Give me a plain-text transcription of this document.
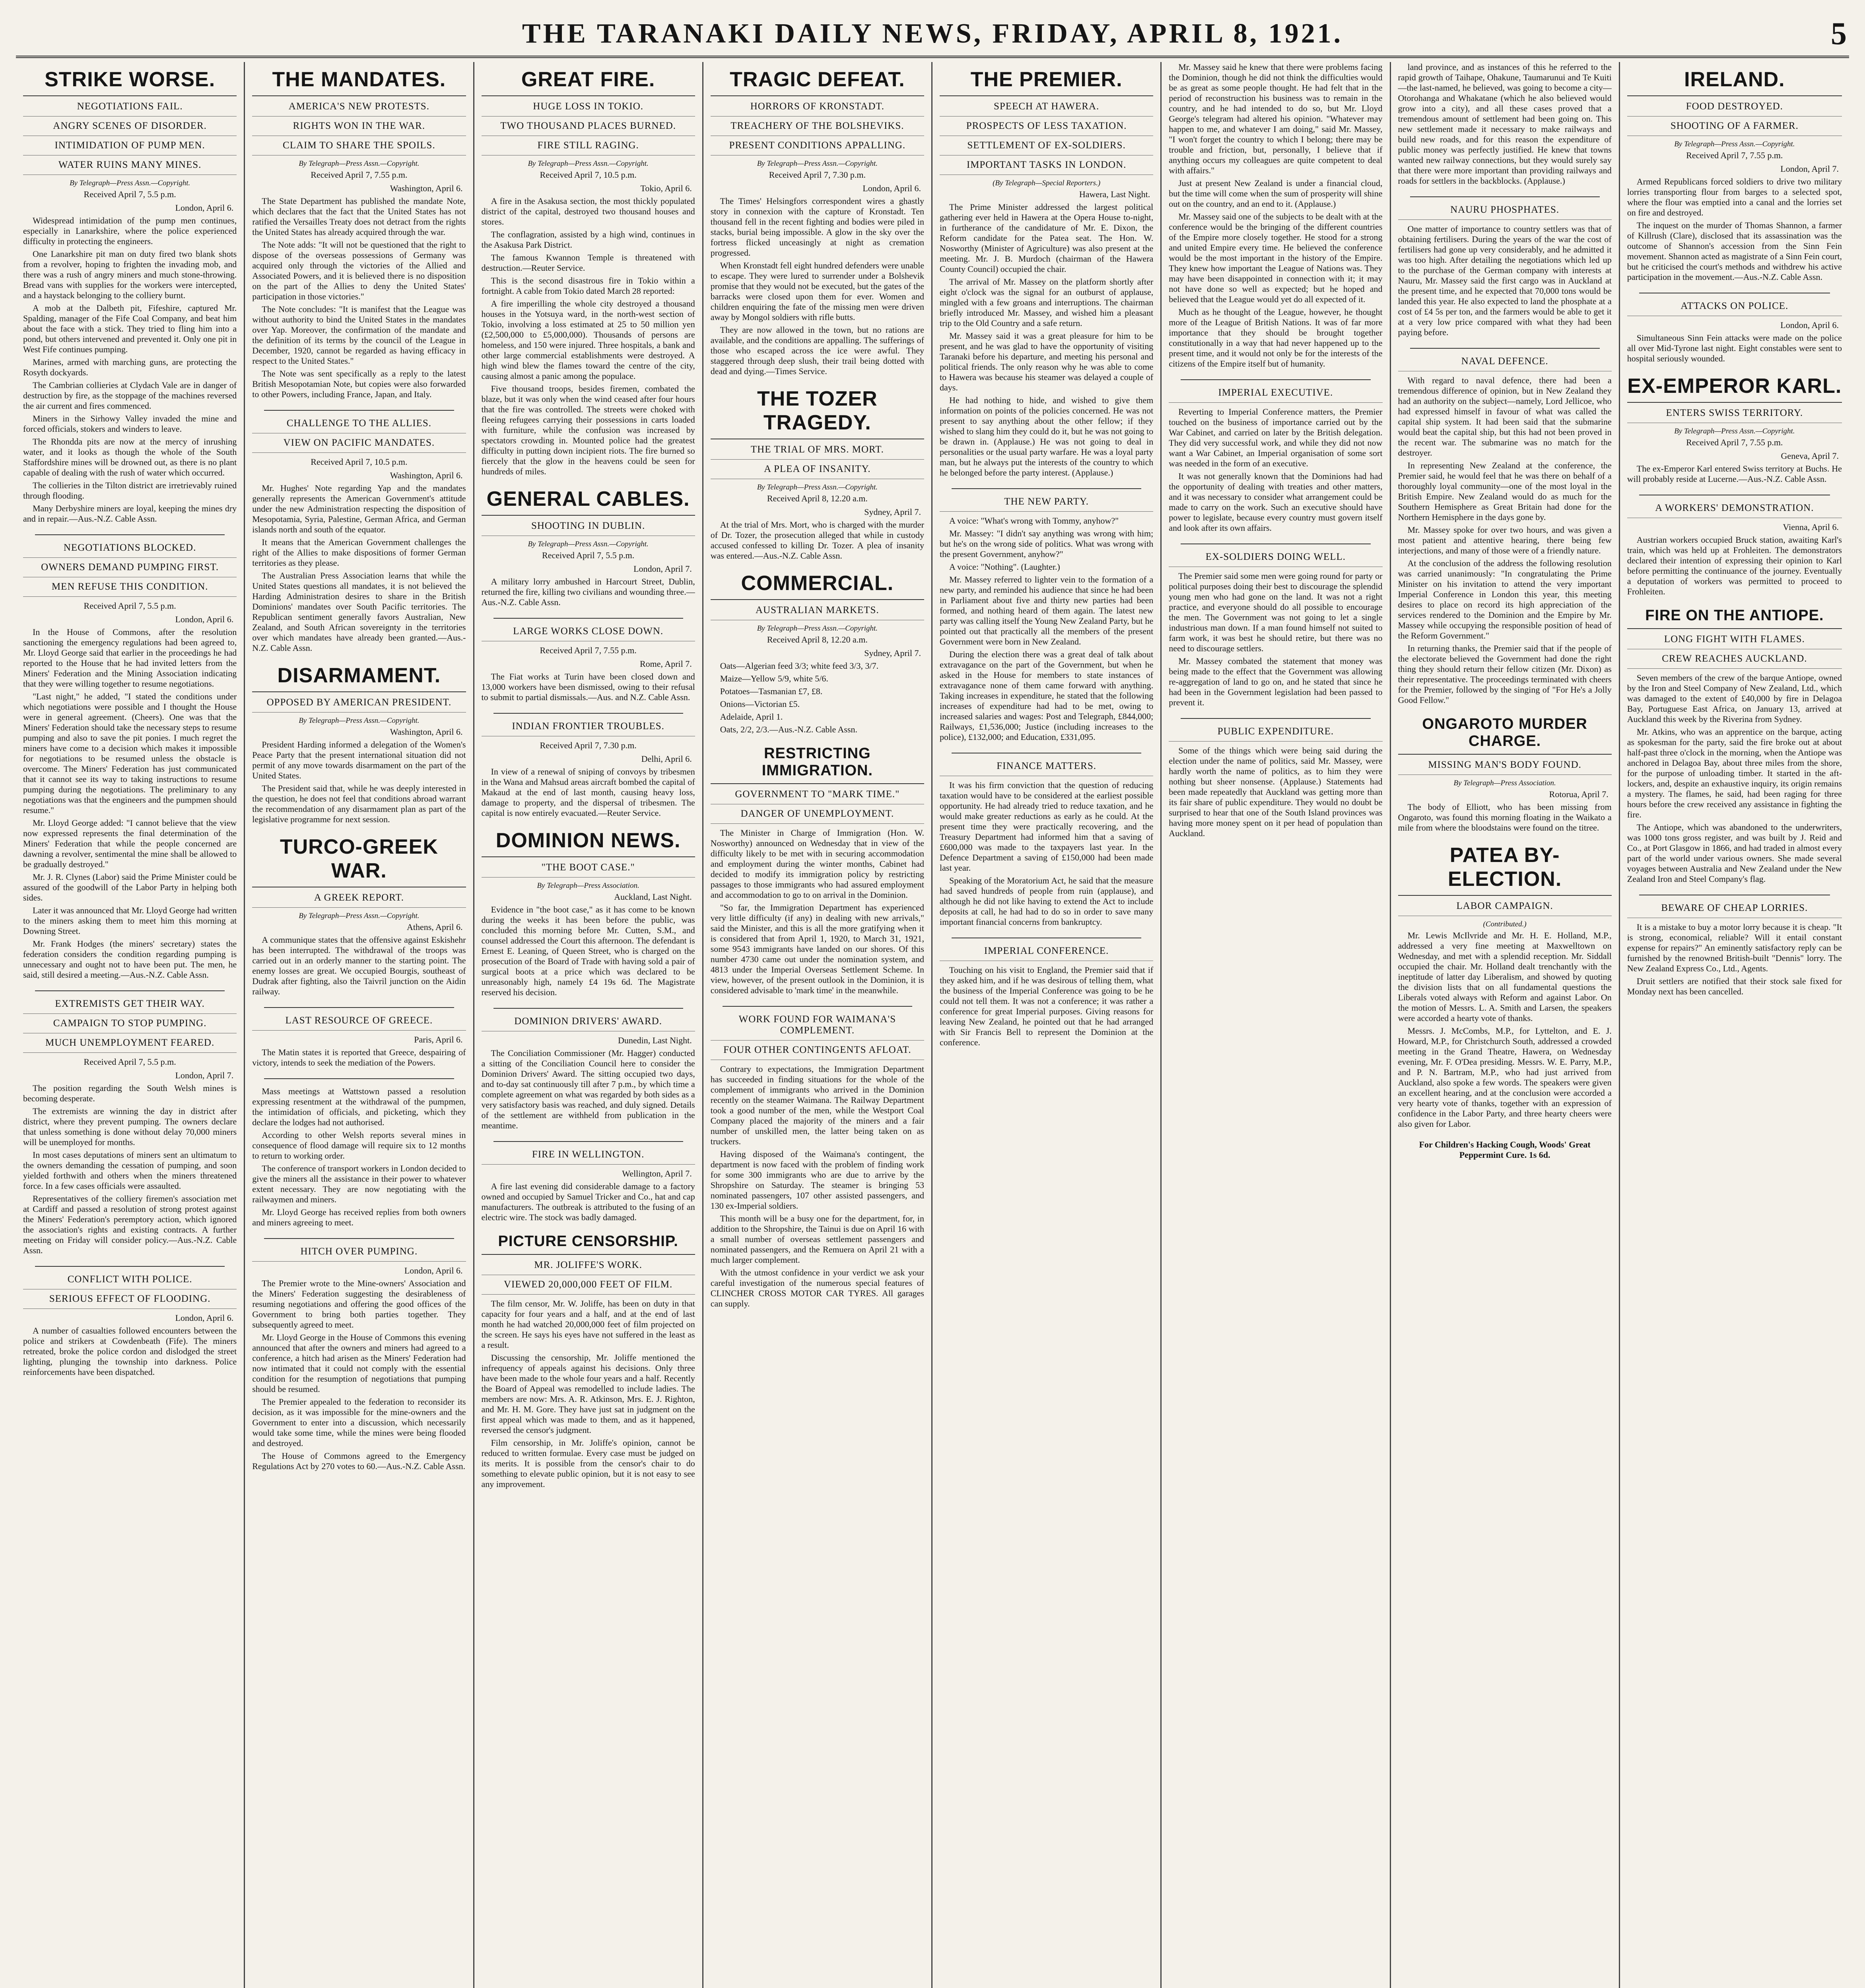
THE TARANAKI DAILY NEWS, FRIDAY, APRIL 8, 1921.	5
STRIKE WORSE.
NEGOTIATIONS FAIL.
ANGRY SCENES OF DISORDER.
INTIMIDATION OF PUMP MEN.
WATER RUINS MANY MINES.
By Telegraph—Press Assn.—Copyright.
Received April 7, 5.5 p.m.
London, April 6.

Widespread intimidation of the pump men continues, especially in Lanarkshire, where the police experienced difficulty in protecting the engineers.

One Lanarkshire pit man on duty fired two blank shots from a revolver, hoping to frighten the invading mob, and there was a rush of angry miners and much stone-throwing. Bread vans with supplies for the workers were intercepted, and a haystack belonging to the colliery burnt.

A mob at the Dalbeth pit, Fifeshire, captured Mr. Spalding, manager of the Fife Coal Company, and beat him about the face with a stick. They tried to fling him into a pond, but others intervened and prevented it. Only one pit in West Fife continues pumping.

Marines, armed with marching guns, are protecting the Rosyth dockyards.

The Cambrian collieries at Clydach Vale are in danger of destruction by fire, as the stoppage of the machines reversed the air current and fires commenced.

Miners in the Sirhowy Valley invaded the mine and forced officials, stokers and winders to leave.

The Rhondda pits are now at the mercy of inrushing water, and it looks as though the whole of the South Staffordshire mines will be drowned out, as there is no plant capable of dealing with the rush of water which occurred.

The collieries in the Tilton district are irretrievably ruined through flooding.

Many Derbyshire miners are loyal, keeping the mines dry and in repair.—Aus.-N.Z. Cable Assn.

NEGOTIATIONS BLOCKED.
OWNERS DEMAND PUMPING FIRST.
MEN REFUSE THIS CONDITION.
Received April 7, 5.5 p.m.
London, April 6.

In the House of Commons, after the resolution sanctioning the emergency regulations had been agreed to, Mr. Lloyd George said that earlier in the proceedings he had reported to the House that he had invited letters from the Miners' Federation and the Mining Association indicating that they were willing together to resume negotiations.

"Last night," he added, "I stated the conditions under which negotiations were possible and I thought the House were in general agreement. (Cheers). One was that the Miners' Federation should take the necessary steps to resume pumping and also to save the pit ponies. I much regret the miners have come to a decision which makes it impossible for negotiations to be resumed unless the obstacle is overcome. The Miners' Federation has just communicated that it cannot see its way to taking instructions to resume pumping during the negotiations. The preliminary to any negotiations was that the engineers and the pumpmen should resume."

Mr. Lloyd George added: "I cannot believe that the view now expressed represents the final determination of the Miners' Federation that while the people concerned are dawning a revolver, sentimental the mine shall be allowed to be gradually destroyed."

Mr. J. R. Clynes (Labor) said the Prime Minister could be assured of the goodwill of the Labor Party in helping both sides.

Later it was announced that Mr. Lloyd George had written to the miners asking them to meet him this morning at Downing Street.

Mr. Frank Hodges (the miners' secretary) states the federation considers the condition regarding pumping is unnecessary and ought not to have been put. The men, he said, still desired a meeting.—Aus.-N.Z. Cable Assn.

EXTREMISTS GET THEIR WAY.
CAMPAIGN TO STOP PUMPING.
MUCH UNEMPLOYMENT FEARED.
Received April 7, 5.5 p.m.
London, April 7.

The position regarding the South Welsh mines is becoming desperate.

The extremists are winning the day in district after district, where they prevent pumping. The owners declare that unless something is done without delay 70,000 miners will be unemployed for months.

In most cases deputations of miners sent an ultimatum to the owners demanding the cessation of pumping, and soon yielded forthwith and others when the miners threatened force. In a few cases officials were assaulted.

Representatives of the colliery firemen's association met at Cardiff and passed a resolution of strong protest against the Miners' Federation's peremptory action, which ignored the association's rights and existing contracts. A further meeting on Friday will consider policy.—Aus.-N.Z. Cable Assn.

CONFLICT WITH POLICE.
SERIOUS EFFECT OF FLOODING.
London, April 6.

A number of casualties followed encounters between the police and strikers at Cowdenbeath (Fife). The miners retreated, broke the police cordon and dislodged the street lighting, plunging the township into darkness. Police reinforcements have been dispatched.

THE MANDATES.
AMERICA'S NEW PROTESTS.
RIGHTS WON IN THE WAR.
CLAIM TO SHARE THE SPOILS.
By Telegraph—Press Assn.—Copyright.
Received April 7, 7.55 p.m.
Washington, April 6.

The State Department has published the mandate Note, which declares that the fact that the United States has not ratified the Versailles Treaty does not detract from the rights the United States has already acquired through the war.

The Note adds: "It will not be questioned that the right to dispose of the overseas possessions of Germany was acquired only through the victories of the Allied and Associated Powers, and it is believed there is no disposition on the part of the Allies to deny the United States' participation in those victories."

The Note concludes: "It is manifest that the League was without authority to bind the United States in the mandates over Yap. Moreover, the confirmation of the mandate and the definition of its terms by the council of the League in December, 1920, cannot be regarded as having efficacy in respect to the United States."

The Note was sent specifically as a reply to the latest British Mesopotamian Note, but copies were also forwarded to other Powers, including France, Japan, and Italy.

CHALLENGE TO THE ALLIES.
VIEW ON PACIFIC MANDATES.
Received April 7, 10.5 p.m.
Washington, April 6.

Mr. Hughes' Note regarding Yap and the mandates generally represents the American Government's attitude under the new Administration respecting the disposition of Mesopotamia, Syria, Palestine, German Africa, and German islands north and south of the equator.

It means that the American Government challenges the right of the Allies to make dispositions of former German territories as they please.

The Australian Press Association learns that while the United States questions all mandates, it is not believed the Harding Administration desires to share in the British Dominions' mandates over South Pacific territories. The Republican sentiment generally favors Australian, New Zealand, and South African sovereignty in the territories over which mandates have already been granted.—Aus.-N.Z. Cable Assn.

DISARMAMENT.
OPPOSED BY AMERICAN PRESIDENT.
By Telegraph—Press Assn.—Copyright.
Washington, April 6.

President Harding informed a delegation of the Women's Peace Party that the present international situation did not permit of any move towards disarmament on the part of the United States.

The President said that, while he was deeply interested in the question, he does not feel that conditions abroad warrant the recommendation of any disarmament plan as part of the legislative programme for next session.

TURCO-GREEK WAR.
A GREEK REPORT.
By Telegraph—Press Assn.—Copyright.
Athens, April 6.

A communique states that the offensive against Eskishehr has been interrupted. The withdrawal of the troops was carried out in an orderly manner to the starting point. The enemy losses are great. We occupied Bourgis, southeast of Dudrak after fighting, also the Taivril junction on the Aidin railway.

LAST RESOURCE OF GREECE.
Paris, April 6.

The Matin states it is reported that Greece, despairing of victory, intends to seek the mediation of the Powers.

Mass meetings at Wattstown passed a resolution expressing resentment at the withdrawal of the pumpmen, the intimidation of officials, and picketing, which they declare the lodges had not authorised.

According to other Welsh reports several mines in consequence of flood damage will require six to 12 months to return to working order.

The conference of transport workers in London decided to give the miners all the assistance in their power to whatever extent necessary. They are now negotiating with the railwaymen and miners.

Mr. Lloyd George has received replies from both owners and miners agreeing to meet.

HITCH OVER PUMPING.
London, April 6.

The Premier wrote to the Mine-owners' Association and the Miners' Federation suggesting the desirableness of resuming negotiations and offering the good offices of the Government to bring both parties together. They subsequently agreed to meet.

Mr. Lloyd George in the House of Commons this evening announced that after the owners and miners had agreed to a conference, a hitch had arisen as the Miners' Federation had now intimated that it could not comply with the essential condition for the resumption of negotiations that pumping should be resumed.

The Premier appealed to the federation to reconsider its decision, as it was impossible for the mine-owners and the Government to enter into a discussion, which necessarily would take some time, while the mines were being flooded and destroyed.

The House of Commons agreed to the Emergency Regulations Act by 270 votes to 60.—Aus.-N.Z. Cable Assn.

GREAT FIRE.
HUGE LOSS IN TOKIO.
TWO THOUSAND PLACES BURNED.
FIRE STILL RAGING.
By Telegraph—Press Assn.—Copyright.
Received April 7, 10.5 p.m.
Tokio, April 6.

A fire in the Asakusa section, the most thickly populated district of the capital, destroyed two thousand houses and stores.

The conflagration, assisted by a high wind, continues in the Asakusa Park District.

The famous Kwannon Temple is threatened with destruction.—Reuter Service.

This is the second disastrous fire in Tokio within a fortnight. A cable from Tokio dated March 28 reported:

A fire imperilling the whole city destroyed a thousand houses in the Yotsuya ward, in the north-west section of Tokio, involving a loss estimated at 25 to 50 million yen (£2,500,000 to £5,000,000). Thousands of persons are homeless, and 150 were injured. Three hospitals, a bank and other large commercial establishments were destroyed. A high wind blew the flames toward the centre of the city, causing almost a panic among the populace.

Five thousand troops, besides firemen, combated the blaze, but it was only when the wind ceased after four hours that the fire was controlled. The streets were choked with fleeing refugees carrying their possessions in carts loaded with furniture, while the confusion was increased by spectators crowding in. Mounted police had the greatest difficulty in putting down incipient riots. The fire burned so fiercely that the glow in the heavens could be seen for hundreds of miles.

GENERAL CABLES.
SHOOTING IN DUBLIN.
By Telegraph—Press Assn.—Copyright.
Received April 7, 5.5 p.m.
London, April 7.

A military lorry ambushed in Harcourt Street, Dublin, returned the fire, killing two civilians and wounding three.—Aus.-N.Z. Cable Assn.

LARGE WORKS CLOSE DOWN.
Received April 7, 7.55 p.m.
Rome, April 7.

The Fiat works at Turin have been closed down and 13,000 workers have been dismissed, owing to their refusal to submit to partial dismissals.—Aus. and N.Z. Cable Assn.

INDIAN FRONTIER TROUBLES.
Received April 7, 7.30 p.m.
Delhi, April 6.

In view of a renewal of sniping of convoys by tribesmen in the Wana and Mahsud areas aircraft bombed the capital of Makaud at the end of last month, causing heavy loss, damage to property, and the dispersal of tribesmen. The capital is now entirely evacuated.—Reuter Service.

DOMINION NEWS.
"THE BOOT CASE."
By Telegraph—Press Association.
Auckland, Last Night.

Evidence in "the boot case," as it has come to be known during the weeks it has been before the public, was concluded this morning before Mr. Cutten, S.M., and counsel addressed the Court this afternoon. The defendant is Ernest E. Leaning, of Queen Street, who is charged on the prosecution of the Board of Trade with having sold a pair of surgical boots at a price which was declared to be unreasonably high, namely £4 19s 6d. The Magistrate reserved his decision.

DOMINION DRIVERS' AWARD.
Dunedin, Last Night.

The Conciliation Commissioner (Mr. Hagger) conducted a sitting of the Conciliation Council here to consider the Dominion Drivers' Award. The sitting occupied two days, and to-day sat continuously till after 7 p.m., by which time a complete agreement on what was regarded by both sides as a very satisfactory basis was reached, and duly signed. Details of the settlement are withheld from publication in the meantime.

FIRE IN WELLINGTON.
Wellington, April 7.

A fire last evening did considerable damage to a factory owned and occupied by Samuel Tricker and Co., hat and cap manufacturers. The outbreak is attributed to the fusing of an electric wire. The stock was badly damaged.

PICTURE CENSORSHIP.
MR. JOLIFFE'S WORK.
VIEWED 20,000,000 FEET OF FILM.

The film censor, Mr. W. Joliffe, has been on duty in that capacity for four years and a half, and at the end of last month he had watched 20,000,000 feet of film projected on the screen. He says his eyes have not suffered in the least as a result.

Discussing the censorship, Mr. Joliffe mentioned the infrequency of appeals against his decisions. Only three have been made to the whole four years and a half. Recently the Board of Appeal was remodelled to include ladies. The members are now: Mrs. A. R. Atkinson, Mrs. E. J. Righton, and Mr. H. M. Gore. They have just sat in judgment on the first appeal which was made to them, and as it happened, reversed the censor's judgment.

Film censorship, in Mr. Joliffe's opinion, cannot be reduced to written formulae. Every case must be judged on its merits. It is possible from the censor's chair to do something to elevate public opinion, but it is not easy to see any improvement.

TRAGIC DEFEAT.
HORRORS OF KRONSTADT.
TREACHERY OF THE BOLSHEVIKS.
PRESENT CONDITIONS APPALLING.
By Telegraph—Press Assn.—Copyright.
Received April 7, 7.30 p.m.
London, April 6.

The Times' Helsingfors correspondent wires a ghastly story in connexion with the capture of Kronstadt. Ten thousand fell in the recent fighting and bodies were piled in stacks, burial being impossible. A glow in the sky over the fortress flicked unceasingly at night as cremation progressed.

When Kronstadt fell eight hundred defenders were unable to escape. They were lured to surrender under a Bolshevik promise that they would not be executed, but the gates of the barracks were closed upon them for ever. Women and children enquiring the fate of the missing men were driven away by Mongol soldiers with rifle butts.

They are now allowed in the town, but no rations are available, and the conditions are appalling. The sufferings of those who escaped across the ice were awful. They staggered through deep slush, their trail being dotted with dead and dying.—Times Service.

THE TOZER TRAGEDY.
THE TRIAL OF MRS. MORT.
A PLEA OF INSANITY.
By Telegraph—Press Assn.—Copyright.
Received April 8, 12.20 a.m.
Sydney, April 7.

At the trial of Mrs. Mort, who is charged with the murder of Dr. Tozer, the prosecution alleged that while in custody accused confessed to killing Dr. Tozer. A plea of insanity was entered.—Aus.-N.Z. Cable Assn.

COMMERCIAL.
AUSTRALIAN MARKETS.
By Telegraph—Press Assn.—Copyright.
Received April 8, 12.20 a.m.
Sydney, April 7.

Oats—Algerian feed 3/3; white feed 3/3, 3/7.

Maize—Yellow 5/9, white 5/6.

Potatoes—Tasmanian £7, £8.

Onions—Victorian £5.

Adelaide, April 1.

Oats, 2/2, 2/3.—Aus.-N.Z. Cable Assn.

RESTRICTING IMMIGRATION.
GOVERNMENT TO "MARK TIME."
DANGER OF UNEMPLOYMENT.

The Minister in Charge of Immigration (Hon. W. Nosworthy) announced on Wednesday that in view of the difficulty likely to be met with in securing accommodation and employment during the winter months, Cabinet had decided to modify its immigration policy by restricting passages to those immigrants who had assured employment and accommodation to go to on arrival in the Dominion.

"So far, the Immigration Department has experienced very little difficulty (if any) in dealing with new arrivals," said the Minister, and this is all the more gratifying when it is considered that from April 1, 1920, to March 31, 1921, some 9543 immigrants have landed on our shores. Of this number 4730 came out under the nomination system, and 4813 under the Imperial Overseas Settlement Scheme. In view, however, of the present outlook in the Dominion, it is considered advisable to 'mark time' in the meanwhile.

WORK FOUND FOR WAIMANA'S COMPLEMENT.
FOUR OTHER CONTINGENTS AFLOAT.

Contrary to expectations, the Immigration Department has succeeded in finding situations for the whole of the complement of immigrants who arrived in the Dominion recently on the steamer Waimana. The Railway Department took a good number of the men, while the Westport Coal Company placed the majority of the miners and a fair number of unskilled men, the latter being taken on as truckers.

Having disposed of the Waimana's contingent, the department is now faced with the problem of finding work for some 300 immigrants who are due to arrive by the Shropshire on Saturday. The steamer is bringing 53 nominated passengers, 107 other assisted passengers, and 130 ex-Imperial soldiers.

This month will be a busy one for the department, for, in addition to the Shropshire, the Tainui is due on April 16 with a small number of overseas settlement passengers and nominated passengers, and the Remuera on April 21 with a much larger complement.

With the utmost confidence in your verdict we ask your careful investigation of the numerous special features of CLINCHER CROSS MOTOR CAR TYRES. All garages can supply.

THE PREMIER.
SPEECH AT HAWERA.
PROSPECTS OF LESS TAXATION.
SETTLEMENT OF EX-SOLDIERS.
IMPORTANT TASKS IN LONDON.
(By Telegraph—Special Reporters.)
Hawera, Last Night.

The Prime Minister addressed the largest political gathering ever held in Hawera at the Opera House to-night, in furtherance of the candidature of Mr. E. Dixon, the Reform candidate for the Patea seat. The Hon. W. Nosworthy (Minister of Agriculture) was also present at the meeting. Mr. J. B. Murdoch (chairman of the Hawera County Council) occupied the chair.

The arrival of Mr. Massey on the platform shortly after eight o'clock was the signal for an outburst of applause, mingled with a few groans and interruptions. The chairman briefly introduced Mr. Massey, and wished him a pleasant trip to the Old Country and a safe return.

Mr. Massey said it was a great pleasure for him to be present, and he was glad to have the opportunity of visiting Taranaki before his departure, and meeting his personal and political friends. The only reason why he was able to come to Hawera was because his steamer was delayed a couple of days.

He had nothing to hide, and wished to give them information on points of the policies concerned. He was not present to say anything about the other fellow; if they wished to slang him they could do it, but he was not going to be drawn in. (Applause.) He was not going to deal in personalities or the usual party warfare. He was a loyal party man, but he always put the interests of the country to which he belonged before the party interest. (Applause.)

THE NEW PARTY.

A voice: "What's wrong with Tommy, anyhow?"

Mr. Massey: "I didn't say anything was wrong with him; but he's on the wrong side of politics. What was wrong with the present Government, anyhow?"

A voice: "Nothing". (Laughter.)

Mr. Massey referred to lighter vein to the formation of a new party, and reminded his audience that since he had been in Parliament about five and thirty new parties had been formed, and nothing heard of them again. The latest new party was calling itself the Young New Zealand Party, but he pointed out that practically all the members of the present Government were born in New Zealand.

During the election there was a great deal of talk about extravagance on the part of the Government, but when he asked in the House for members to state instances of extravagance none of them came forward with anything. Taking increases in expenditure, he stated that the following increases of expenditure had had to be met, owing to increased salaries and wages: Post and Telegraph, £844,000; Railways, £1,536,000; Justice (including increases to the police), £132,000; and Education, £331,095.

FINANCE MATTERS.

It was his firm conviction that the question of reducing taxation would have to be considered at the earliest possible opportunity. He had already tried to reduce taxation, and he would make greater reductions as early as he could. At the present time they were practically recovering, and the Treasury Department had informed him that a saving of £600,000 was made to the taxpayers last year. In the Defence Department a saving of £150,000 had been made last year.

Speaking of the Moratorium Act, he said that the measure had saved hundreds of people from ruin (applause), and although he did not like having to extend the Act to include deposits at call, he had had to do so in order to save many important financial concerns from bankruptcy.

IMPERIAL CONFERENCE.

Touching on his visit to England, the Premier said that if they asked him, and if he was desirous of telling them, what the business of the Imperial Conference was going to be he could not tell them. It was not a conference; it was rather a conference for great Imperial purposes. Giving reasons for leaving New Zealand, he pointed out that he had arranged with Sir Francis Bell to represent the Dominion at the conference.

Mr. Massey said he knew that there were problems facing the Dominion, though he did not think the difficulties would be as great as some people thought. He had felt that in the period of reconstruction his business was to remain in the country, and he had intended to do so, but Mr. Lloyd George's telegram had altered his opinion. "Whatever may happen to me, and whatever I am doing," said Mr. Massey, "I won't forget the country to which I belong; there may be trouble and friction, but, personally, I believe that if anything occurs my colleagues are quite competent to deal with affairs."

Just at present New Zealand is under a financial cloud, but the time will come when the sum of prosperity will shine out on the country, and an end to it. (Applause.)

Mr. Massey said one of the subjects to be dealt with at the conference would be the bringing of the different countries of the Empire more closely together. He stood for a strong and united Empire every time. He believed the conference would be the most important in the history of the Empire. They knew how important the League of Nations was. They may have been disappointed in connection with it; it may not have done so well as expected; but he hoped and believed that the League would yet do all expected of it.

Much as he thought of the League, however, he thought more of the League of British Nations. It was of far more importance that they should be brought together constitutionally in a way that had never happened up to the present time, and it would not only be for the interests of the citizens of the Empire itself but of humanity.

IMPERIAL EXECUTIVE.

Reverting to Imperial Conference matters, the Premier touched on the business of importance carried out by the War Cabinet, and carried on later by the British delegation. They did very successful work, and while they did not now want a War Cabinet, an Imperial organisation of some sort was needed in the form of an executive.

It was not generally known that the Dominions had had the opportunity of dealing with treaties and other matters, and it was necessary to consider what arrangement could be made to carry on the work. Such an executive should have power to legislate, because every country must govern itself and look after its own affairs.

EX-SOLDIERS DOING WELL.

The Premier said some men were going round for party or political purposes doing their best to discourage the splendid young men who had gone on the land. It was not a right practice, and everyone should do all possible to encourage the men. The Government was not going to let a single industrious man down. If a man found himself not suited to farm work, it was best he should retire, but there was no need to discourage settlers.

Mr. Massey combated the statement that money was being made to the effect that the Government was allowing re-aggregation of land to go on, and he stated that since he had been in the Government legislation had been passed to prevent it.

PUBLIC EXPENDITURE.

Some of the things which were being said during the election under the name of politics, said Mr. Massey, were hardly worth the name of politics, as to him they were nothing but sheer nonsense. (Applause.) Statements had been made repeatedly that Auckland was getting more than its fair share of public expenditure. They would no doubt be surprised to hear that one of the South Island provinces was having more money spent on it per head of population than Auckland.

land province, and as instances of this he referred to the rapid growth of Taihape, Ohakune, Taumarunui and Te Kuiti—the last-named, he believed, was going to become a city—Otorohanga and Whakatane (which he also believed would grow into a city), and all these cases proved that a tremendous amount of settlement had been going on. This new settlement made it necessary to make railways and build new roads, and for this reason the expenditure of public money was perfectly justified. He knew that towns wanted new railway connections, but they would surely say that there were more important than providing railways and roads for settlers in the backblocks. (Applause.)

NAURU PHOSPHATES.

One matter of importance to country settlers was that of obtaining fertilisers. During the years of the war the cost of fertilisers had gone up very considerably, and he admitted it was too high. After detailing the negotiations which led up to the purchase of the German company with interests at Nauru, Mr. Massey said the first cargo was in Auckland at the present time, and he expected that 70,000 tons would be landed this year. He also expected to land the phosphate at a cost of £4 5s per ton, and the farmers would be able to get it at a very low price compared with what they had been paying before.

NAVAL DEFENCE.

With regard to naval defence, there had been a tremendous difference of opinion, but in New Zealand they had an authority on the subject—namely, Lord Jellicoe, who had expressed himself in favour of what was called the capital ship system. It had been said that the submarine would beat the capital ship, but this had not been proved in the recent war. The submarine was no match for the destroyer.

In representing New Zealand at the conference, the Premier said, he would feel that he was there on behalf of a thoroughly loyal community—one of the most loyal in the British Empire. New Zealand would do as much for the Southern Hemisphere as Great Britain had done for the Northern Hemisphere in the days gone by.

Mr. Massey spoke for over two hours, and was given a most patient and attentive hearing, there being few interjections, and many of those were of a friendly nature.

At the conclusion of the address the following resolution was carried unanimously: "In congratulating the Prime Minister on his invitation to attend the very important Imperial Conference in London this year, this meeting desires to place on record its high appreciation of the services rendered to the Dominion and the Empire by Mr. Massey while occupying the responsible position of head of the Reform Government."

In returning thanks, the Premier said that if the people of the electorate believed the Government had done the right thing they should return their fellow citizen (Mr. Dixon) as their representative. The proceedings terminated with cheers for the Premier, followed by the singing of "For He's a Jolly Good Fellow."

ONGAROTO MURDER CHARGE.
MISSING MAN'S BODY FOUND.
By Telegraph—Press Association.
Rotorua, April 7.

The body of Elliott, who has been missing from Ongaroto, was found this morning floating in the Waikato a mile from where the bloodstains were found on the titree.

PATEA BY-ELECTION.
LABOR CAMPAIGN.
(Contributed.)

Mr. Lewis McIlvride and Mr. H. E. Holland, M.P., addressed a very fine meeting at Maxwelltown on Wednesday, and met with a splendid reception. Mr. Siddall occupied the chair. Mr. Holland dealt trenchantly with the ineptitude of latter day Liberalism, and showed by quoting the division lists that on all fundamental questions the Liberals voted always with Reform and against Labor. On the motion of Messrs. L. A. Smith and Larsen, the speakers were accorded a hearty vote of thanks.

Messrs. J. McCombs, M.P., for Lyttelton, and E. J. Howard, M.P., for Christchurch South, addressed a crowded meeting in the Grand Theatre, Hawera, on Wednesday evening, Mr. F. O'Dea presiding. Messrs. W. E. Parry, M.P., and P. N. Bartram, M.P., who had just arrived from Auckland, also spoke a few words. The speakers were given an excellent hearing, and at the conclusion were accorded a very hearty vote of thanks, together with an expression of confidence in the Labor Party, and three hearty cheers were also given for Labor.

For Children's Hacking Cough, Woods' Great Peppermint Cure. 1s 6d.
IRELAND.
FOOD DESTROYED.
SHOOTING OF A FARMER.
By Telegraph—Press Assn.—Copyright.
Received April 7, 7.55 p.m.
London, April 7.

Armed Republicans forced soldiers to drive two military lorries transporting flour from barges to a selected spot, where the flour was emptied into a canal and the lorries set on fire and destroyed.

The inquest on the murder of Thomas Shannon, a farmer of Killrush (Clare), disclosed that its assassination was the outcome of Shannon's accession from the Sinn Fein movement. Shannon acted as magistrate of a Sinn Fein court, but he criticised the court's methods and withdrew his active participation in the movement.—Aus.-N.Z. Cable Assn.

ATTACKS ON POLICE.
London, April 6.

Simultaneous Sinn Fein attacks were made on the police all over Mid-Tyrone last night. Eight constables were sent to hospital seriously wounded.

EX-EMPEROR KARL.
ENTERS SWISS TERRITORY.
By Telegraph—Press Assn.—Copyright.
Received April 7, 7.55 p.m.
Geneva, April 7.

The ex-Emperor Karl entered Swiss territory at Buchs. He will probably reside at Lucerne.—Aus.-N.Z. Cable Assn.

A WORKERS' DEMONSTRATION.
Vienna, April 6.

Austrian workers occupied Bruck station, awaiting Karl's train, which was held up at Frohleiten. The demonstrators declared their intention of expressing their opinion to Karl before permitting the continuance of the journey. Eventually a deputation of workers was permitted to proceed to Frohleiten.

FIRE ON THE ANTIOPE.
LONG FIGHT WITH FLAMES.
CREW REACHES AUCKLAND.

Seven members of the crew of the barque Antiope, owned by the Iron and Steel Company of New Zealand, Ltd., which was damaged to the extent of £40,000 by fire in Delagoa Bay, Portuguese East Africa, on January 13, arrived at Auckland this week by the Riverina from Sydney.

Mr. Atkins, who was an apprentice on the barque, acting as spokesman for the party, said the fire broke out at about half-past three o'clock in the morning, when the Antiope was anchored in Delagoa Bay, about three miles from the shore, for the purpose of unloading timber. It started in the aft-lockers, and, despite an exhaustive inquiry, its origin remains a mystery. The flames, he said, had been raging for three hours before the crew received any assistance in fighting the fire.

The Antiope, which was abandoned to the underwriters, was 1000 tons gross register, and was built by J. Reid and Co., at Port Glasgow in 1866, and had traded in almost every part of the world under various owners. She made several voyages between Australia and New Zealand under the New Zealand Iron and Steel Company's flag.

BEWARE OF CHEAP LORRIES.

It is a mistake to buy a motor lorry because it is cheap. "It is strong, economical, reliable? Will it entail constant expense for repairs?" An eminently satisfactory reply can be furnished by the renowned British-built "Dennis" lorry. The New Zealand Express Co., Ltd., Agents.

Druit settlers are notified that their stock sale fixed for Monday next has been cancelled.
